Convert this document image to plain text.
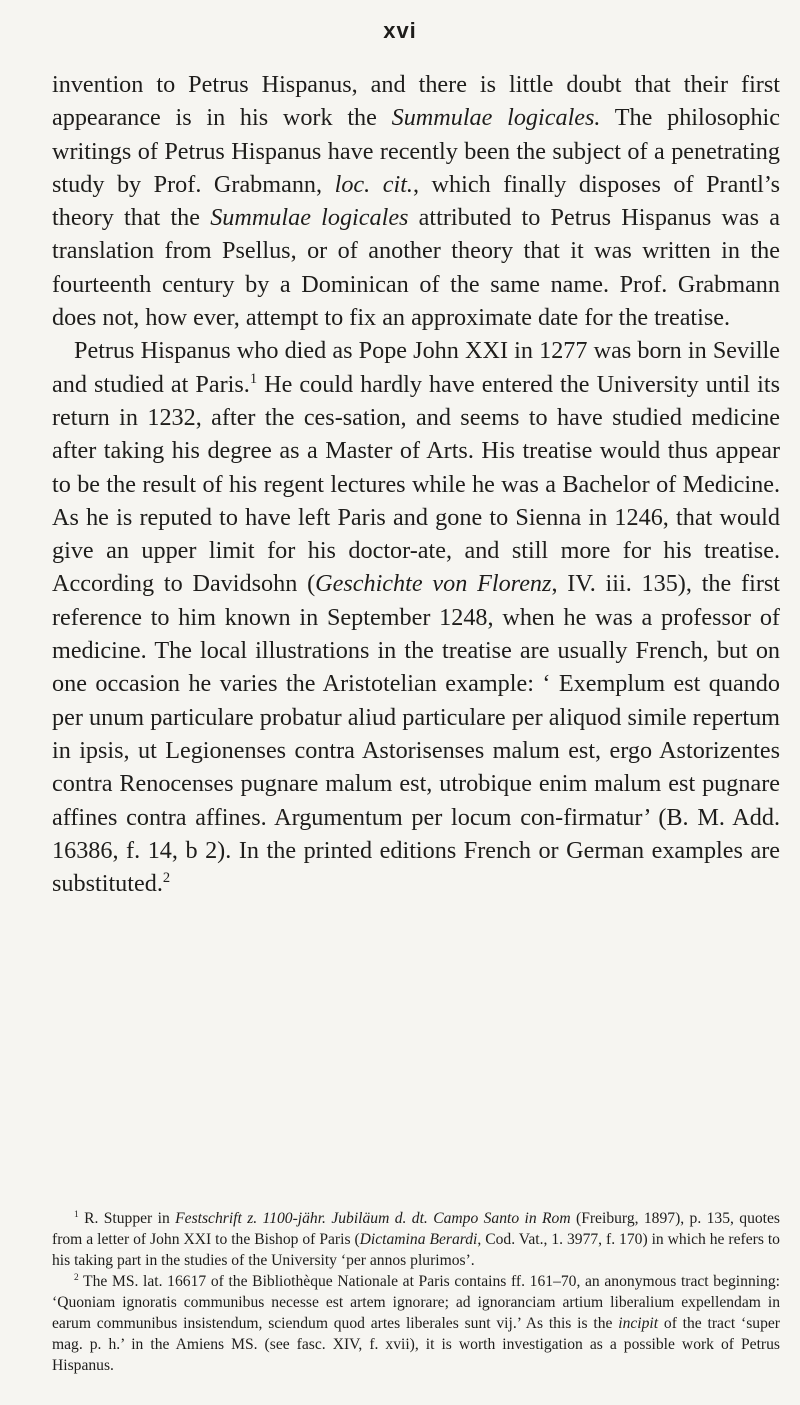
xvi

invention to Petrus Hispanus, and there is little doubt that their first appearance is in his work the Summulae logicales. The philosophic writings of Petrus Hispanus have recently been the subject of a penetrating study by Prof. Grabmann, loc. cit., which finally disposes of Prantl’s theory that the Summulae logicales attributed to Petrus Hispanus was a translation from Psellus, or of another theory that it was written in the fourteenth century by a Dominican of the same name. Prof. Grabmann does not, how ever, attempt to fix an approximate date for the treatise.

Petrus Hispanus who died as Pope John XXI in 1277 was born in Seville and studied at Paris.$^1$ He could hardly have entered the University until its return in 1232, after the ces-sation, and seems to have studied medicine after taking his degree as a Master of Arts. His treatise would thus appear to be the result of his regent lectures while he was a Bachelor of Medicine. As he is reputed to have left Paris and gone to Sienna in 1246, that would give an upper limit for his doctor-ate, and still more for his treatise. According to Davidsohn (Geschichte von Florenz, IV. iii. 135), the first reference to him known in September 1248, when he was a professor of medicine. The local illustrations in the treatise are usually French, but on one occasion he varies the Aristotelian example: ‘ Exemplum est quando per unum particulare probatur aliud particulare per aliquod simile repertum in ipsis, ut Legionenses contra Astorisenses malum est, ergo Astorizentes contra Renocenses pugnare malum est, utrobique enim malum est pugnare affines contra affines. Argumentum per locum con-firmatur’ (B. M. Add. 16386, f. 14, b 2). In the printed editions French or German examples are substituted.$^2$

$^1$ R. Stupper in Festschrift z. 1100-jähr. Jubiläum d. dt. Campo Santo in Rom (Freiburg, 1897), p. 135, quotes from a letter of John XXI to the Bishop of Paris (Dictamina Berardi, Cod. Vat., 1. 3977, f. 170) in which he refers to his taking part in the studies of the University ‘per annos plurimos’.

$^2$ The MS. lat. 16617 of the Bibliothèque Nationale at Paris contains ff. 161–70, an anonymous tract beginning: ‘Quoniam ignoratis communibus necesse est artem ignorare; ad ignoranciam artium liberalium expellendam in earum communibus insistendum, sciendum quod artes liberales sunt vij.’ As this is the incipit of the tract ‘super mag. p. h.’ in the Amiens MS. (see fasc. XIV, f. xvii), it is worth investigation as a possible work of Petrus Hispanus.
